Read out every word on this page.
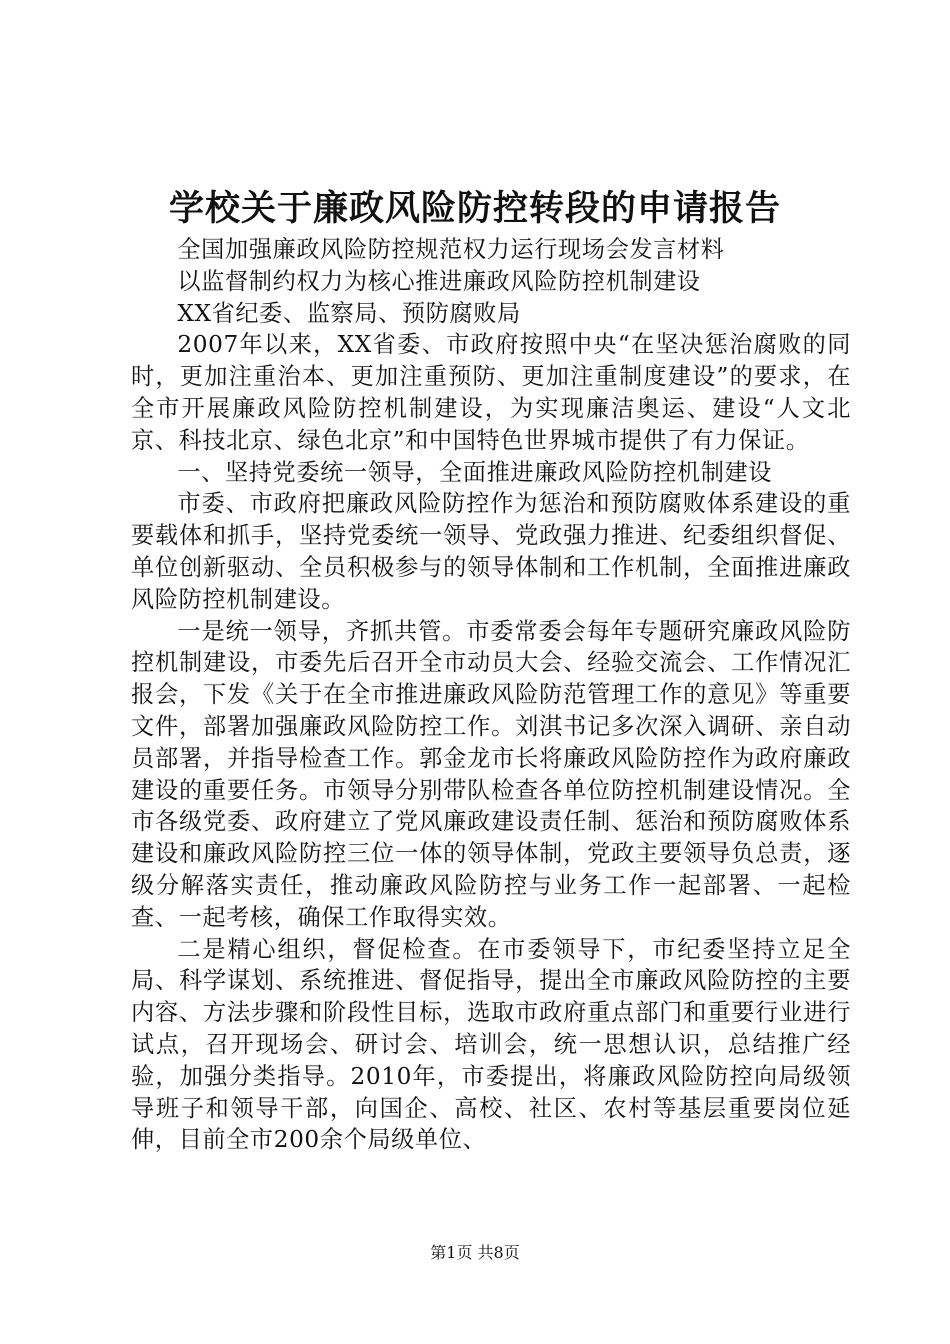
学校关于廉政风险防控转段的申请报告

全国加强廉政风险防控规范权力运行现场会发言材料

以监督制约权力为核心推进廉政风险防控机制建设

XX省纪委、监察局、预防腐败局

2007年以来，XX省委、市政府按照中央“在坚决惩治腐败的同时，更加注重治本、更加注重预防、更加注重制度建设”的要求，在全市开展廉政风险防控机制建设，为实现廉洁奥运、建设“人文北京、科技北京、绿色北京”和中国特色世界城市提供了有力保证。

一、坚持党委统一领导，全面推进廉政风险防控机制建设

市委、市政府把廉政风险防控作为惩治和预防腐败体系建设的重要载体和抓手，坚持党委统一领导、党政强力推进、纪委组织督促、单位创新驱动、全员积极参与的领导体制和工作机制，全面推进廉政风险防控机制建设。

一是统一领导，齐抓共管。市委常委会每年专题研究廉政风险防控机制建设，市委先后召开全市动员大会、经验交流会、工作情况汇报会，下发《关于在全市推进廉政风险防范管理工作的意见》等重要文件，部署加强廉政风险防控工作。刘淇书记多次深入调研、亲自动员部署，并指导检查工作。郭金龙市长将廉政风险防控作为政府廉政建设的重要任务。市领导分别带队检查各单位防控机制建设情况。全市各级党委、政府建立了党风廉政建设责任制、惩治和预防腐败体系建设和廉政风险防控三位一体的领导体制，党政主要领导负总责，逐级分解落实责任，推动廉政风险防控与业务工作一起部署、一起检查、一起考核，确保工作取得实效。

二是精心组织，督促检查。在市委领导下，市纪委坚持立足全局、科学谋划、系统推进、督促指导，提出全市廉政风险防控的主要内容、方法步骤和阶段性目标，选取市政府重点部门和重要行业进行试点，召开现场会、研讨会、培训会，统一思想认识，总结推广经验，加强分类指导。2010年，市委提出，将廉政风险防控向局级领导班子和领导干部，向国企、高校、社区、农村等基层重要岗位延伸，目前全市200余个局级单位、

第1页 共8页
